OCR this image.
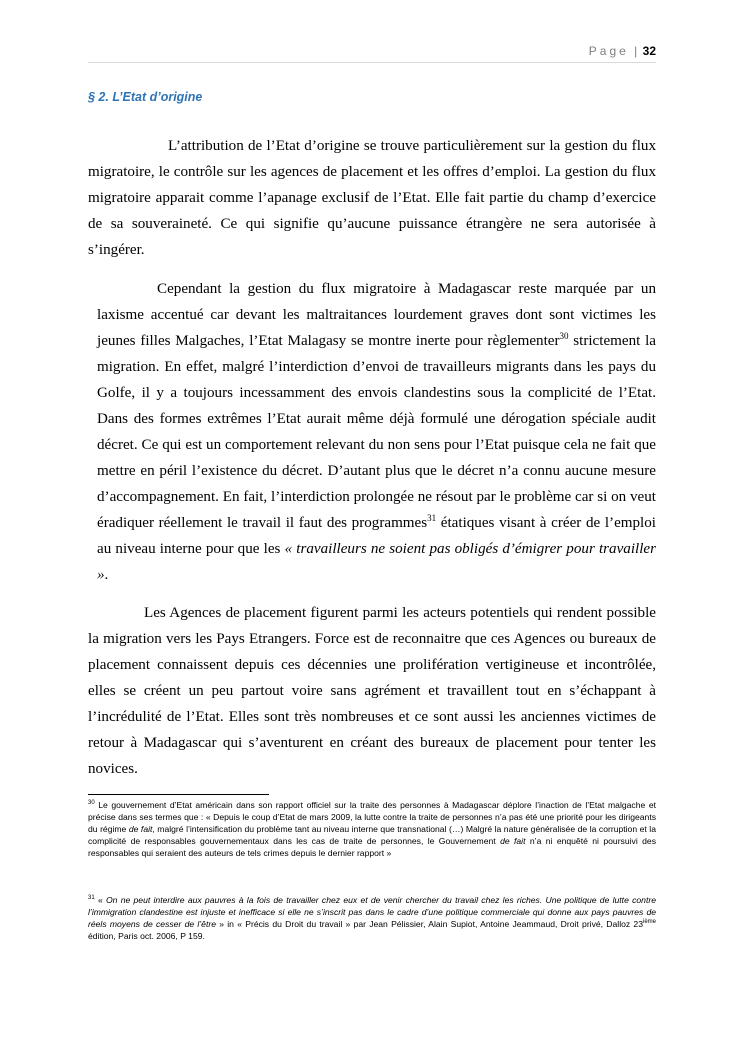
Page | 32
§ 2. L’Etat d’origine

L’attribution de l’Etat d’origine se trouve particulièrement sur la gestion du flux migratoire, le contrôle sur les agences de placement et les offres d’emploi. La gestion du flux migratoire apparait comme l’apanage exclusif de l’Etat. Elle fait partie du champ d’exercice de sa souveraineté. Ce qui signifie qu’aucune puissance étrangère ne sera autorisée à s’ingérer.

Cependant la gestion du flux migratoire à Madagascar reste marquée par un laxisme accentué car devant les maltraitances lourdement graves dont sont victimes les jeunes filles Malgaches, l’Etat Malagasy se montre inerte pour règlementer$^{30}$ strictement la migration. En effet, malgré l’interdiction d’envoi de travailleurs migrants dans les pays du Golfe, il y a toujours incessamment des envois clandestins sous la complicité de l’Etat. Dans des formes extrêmes l’Etat aurait même déjà formulé une dérogation spéciale audit décret. Ce qui est un comportement relevant du non sens pour l’Etat puisque cela ne fait que mettre en péril l’existence du décret. D’autant plus que le décret n’a connu aucune mesure d’accompagnement. En fait, l’interdiction prolongée ne résout par le problème car si on veut éradiquer réellement le travail il faut des programmes$^{31}$ étatiques visant à créer de l’emploi au niveau interne pour que les « travailleurs ne soient pas obligés d’émigrer pour travailler ».

Les Agences de placement figurent parmi les acteurs potentiels qui rendent possible la migration vers les Pays Etrangers. Force est de reconnaitre que ces Agences ou bureaux de placement connaissent depuis ces décennies une prolifération vertigineuse et incontrôlée, elles se créent un peu partout voire sans agrément et travaillent tout en s’échappant à l’incrédulité de l’Etat. Elles sont très nombreuses et ce sont aussi les anciennes victimes de retour à Madagascar qui s’aventurent en créant des bureaux de placement pour tenter les novices.

$^{30}$ Le gouvernement d’Etat américain dans son rapport officiel sur la traite des personnes à Madagascar déplore l’inaction de l’Etat malgache et précise dans ses termes que : « Depuis le coup d’Etat de mars 2009, la lutte contre la traite de personnes n’a pas été une priorité pour les dirigeants du régime de fait, malgré l’intensification du problème tant au niveau interne que transnational (…) Malgré la nature généralisée de la corruption et la complicité de responsables gouvernementaux dans les cas de traite de personnes, le Gouvernement de fait n’a ni enquêté ni poursuivi des responsables qui seraient des auteurs de tels crimes depuis le dernier rapport »

$^{31}$ « On ne peut interdire aux pauvres à la fois de travailler chez eux et de venir chercher du travail chez les riches. Une politique de lutte contre l’immigration clandestine est injuste et inefficace si elle ne s’inscrit pas dans le cadre d’une politique commerciale qui donne aux pays pauvres de réels moyens de cesser de l’être » in « Précis du Droit du travail » par Jean Pélissier, Alain Supiot, Antoine Jeammaud, Droit privé, Dalloz 23ième édition, Paris oct. 2006, P 159.
